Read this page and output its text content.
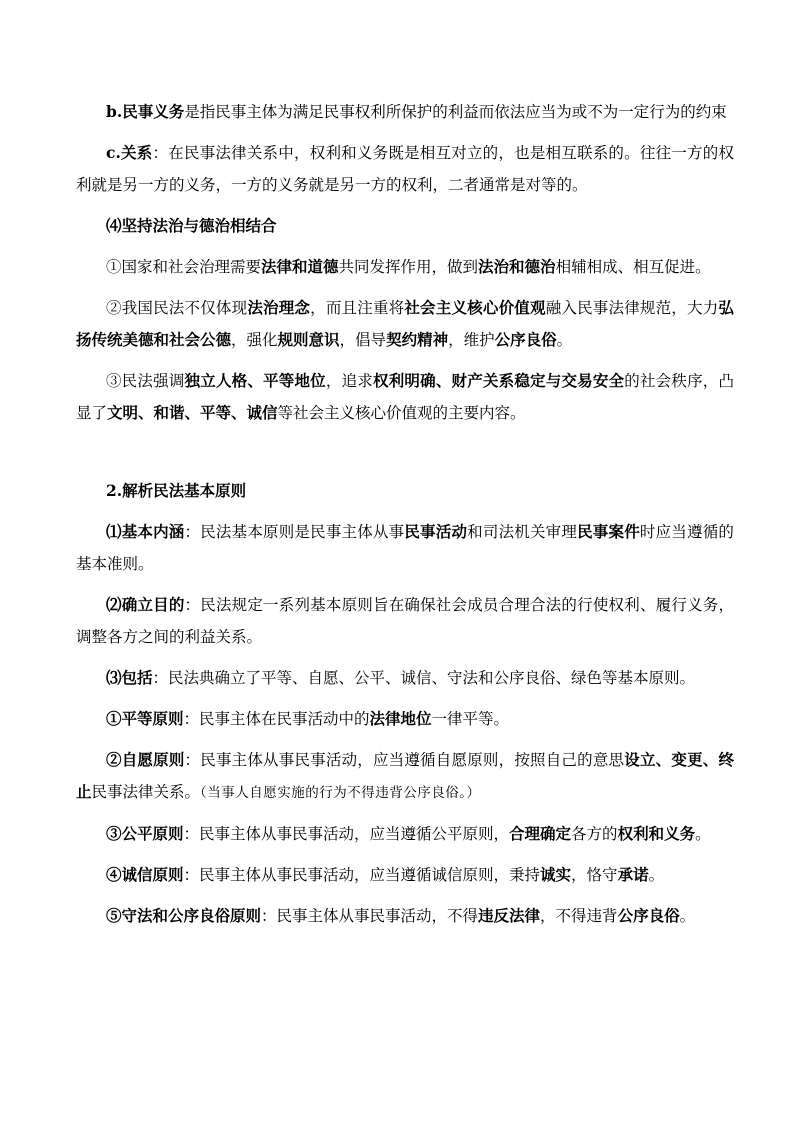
b.民事义务是指民事主体为满足民事权利所保护的利益而依法应当为或不为一定行为的约束

c.关系：在民事法律关系中，权利和义务既是相互对立的，也是相互联系的。往往一方的权利就是另一方的义务，一方的义务就是另一方的权利，二者通常是对等的。

⑷坚持法治与德治相结合

①国家和社会治理需要法律和道德共同发挥作用，做到法治和德治相辅相成、相互促进。

②我国民法不仅体现法治理念，而且注重将社会主义核心价值观融入民事法律规范，大力弘扬传统美德和社会公德，强化规则意识，倡导契约精神，维护公序良俗。

③民法强调独立人格、平等地位，追求权利明确、财产关系稳定与交易安全的社会秩序，凸显了文明、和谐、平等、诚信等社会主义核心价值观的主要内容。

2.解析民法基本原则

⑴基本内涵：民法基本原则是民事主体从事民事活动和司法机关审理民事案件时应当遵循的基本准则。

⑵确立目的：民法规定一系列基本原则旨在确保社会成员合理合法的行使权利、履行义务，调整各方之间的利益关系。

⑶包括：民法典确立了平等、自愿、公平、诚信、守法和公序良俗、绿色等基本原则。

①平等原则：民事主体在民事活动中的法律地位一律平等。

②自愿原则：民事主体从事民事活动，应当遵循自愿原则，按照自己的意思设立、变更、终止民事法律关系。（当事人自愿实施的行为不得违背公序良俗。）

③公平原则：民事主体从事民事活动，应当遵循公平原则，合理确定各方的权利和义务。

④诚信原则：民事主体从事民事活动，应当遵循诚信原则，秉持诚实，恪守承诺。

⑤守法和公序良俗原则：民事主体从事民事活动，不得违反法律，不得违背公序良俗。
